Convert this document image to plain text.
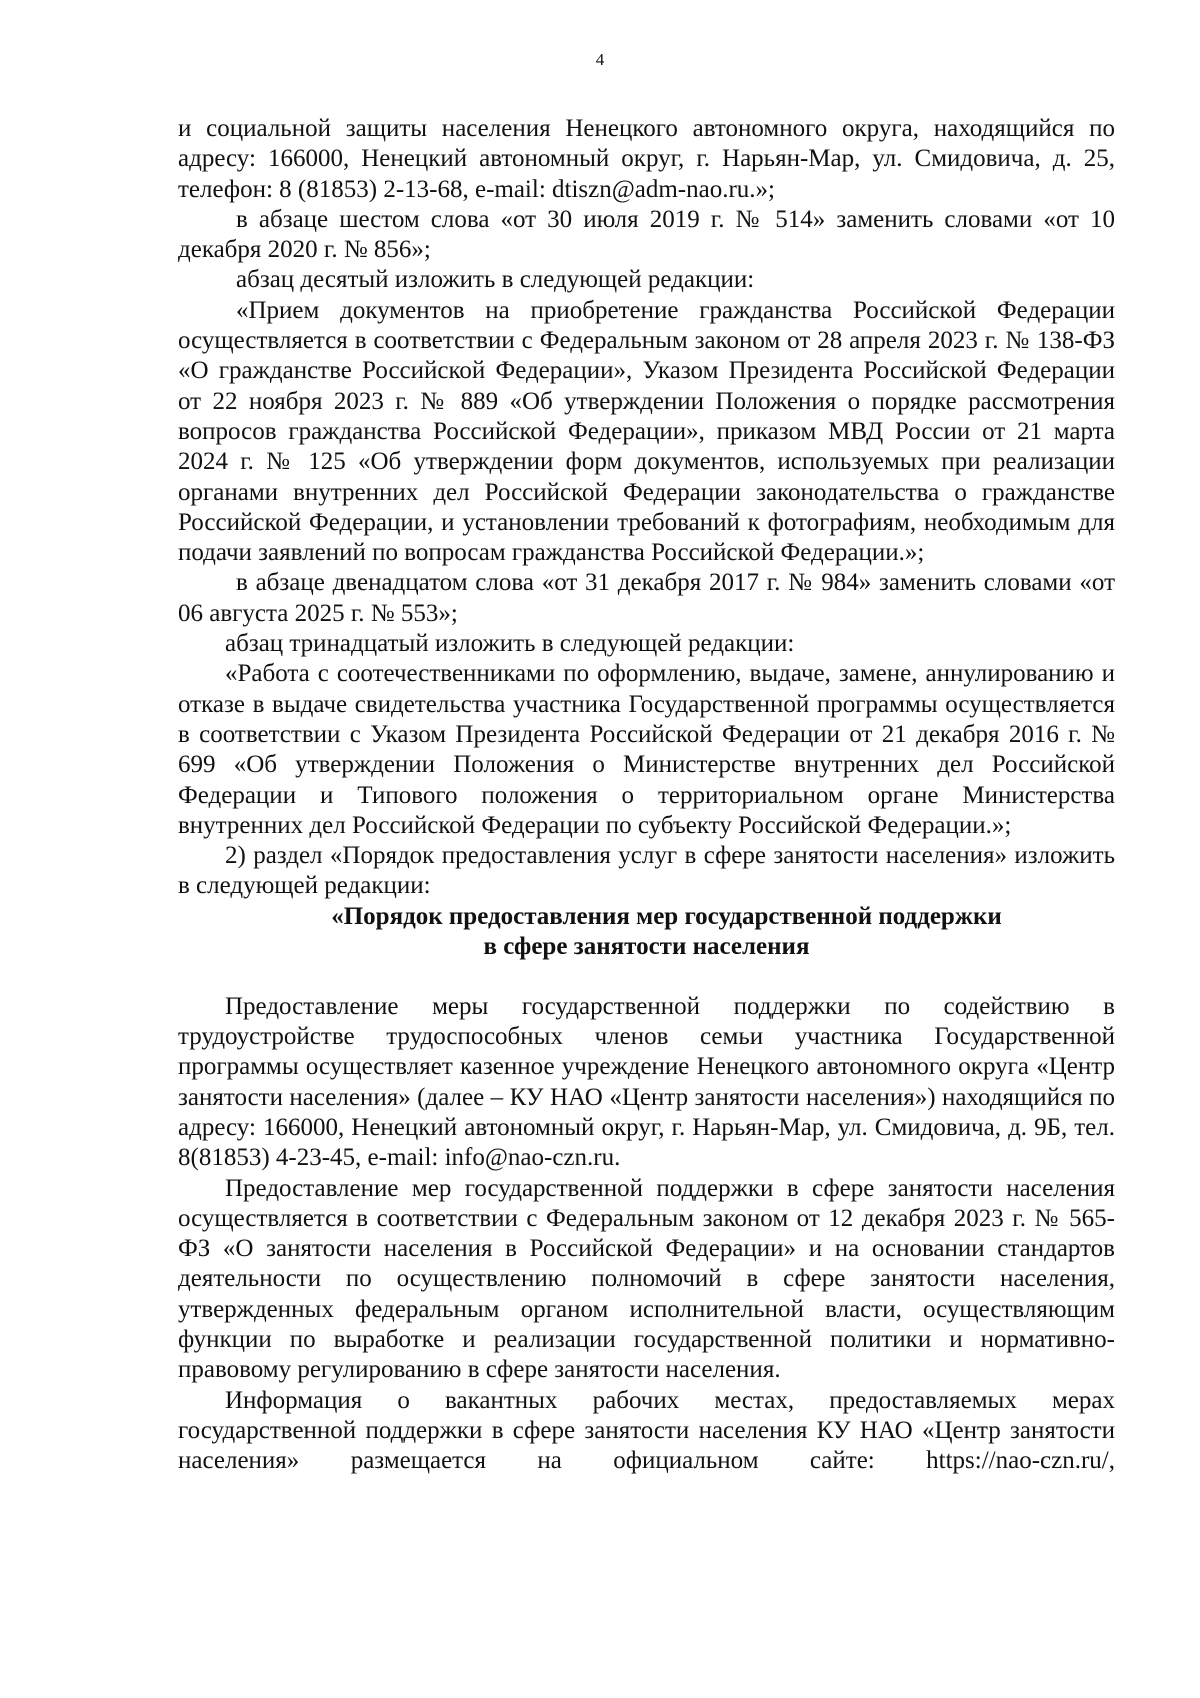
4

и социальной защиты населения Ненецкого автономного округа, находящийся по адресу: 166000, Ненецкий автономный округ, г. Нарьян-Мар, ул. Смидовича, д. 25, телефон: 8 (81853) 2-13-68, e-mail: dtiszn@adm-nao.ru.»;

в абзаце шестом слова «от 30 июля 2019 г. № 514» заменить словами «от 10 декабря 2020 г. № 856»;

абзац десятый изложить в следующей редакции:

«Прием документов на приобретение гражданства Российской Федерации осуществляется в соответствии с Федеральным законом от 28 апреля 2023 г. № 138-ФЗ «О гражданстве Российской Федерации», Указом Президента Российской Федерации от 22 ноября 2023 г. № 889 «Об утверждении Положения о порядке рассмотрения вопросов гражданства Российской Федерации», приказом МВД России от 21 марта 2024 г. № 125 «Об утверждении форм документов, используемых при реализации органами внутренних дел Российской Федерации законодательства о гражданстве Российской Федерации, и установлении требований к фотографиям, необходимым для подачи заявлений по вопросам гражданства Российской Федерации.»;

в абзаце двенадцатом слова «от 31 декабря 2017 г. № 984» заменить словами «от 06 августа 2025 г. № 553»;

абзац тринадцатый изложить в следующей редакции:

«Работа с соотечественниками по оформлению, выдаче, замене, аннулированию и отказе в выдаче свидетельства участника Государственной программы осуществляется в соответствии с Указом Президента Российской Федерации от 21 декабря 2016 г. № 699 «Об утверждении Положения о Министерстве внутренних дел Российской Федерации и Типового положения о территориальном органе Министерства внутренних дел Российской Федерации по субъекту Российской Федерации.»;

2) раздел «Порядок предоставления услуг в сфере занятости населения» изложить в следующей редакции:

«Порядок предоставления мер государственной поддержки

в сфере занятости населения

Предоставление меры государственной поддержки по содействию в трудоустройстве трудоспособных членов семьи участника Государственной программы осуществляет казенное учреждение Ненецкого автономного округа «Центр занятости населения» (далее – КУ НАО «Центр занятости населения») находящийся по адресу: 166000, Ненецкий автономный округ, г. Нарьян-Мар, ул. Смидовича, д. 9Б, тел. 8(81853) 4-23-45, e-mail: info@nao-czn.ru.

Предоставление мер государственной поддержки в сфере занятости населения осуществляется в соответствии с Федеральным законом от 12 декабря 2023 г. № 565-ФЗ «О занятости населения в Российской Федерации» и на основании стандартов деятельности по осуществлению полномочий в сфере занятости населения, утвержденных федеральным органом исполнительной власти, осуществляющим функции по выработке и реализации государственной политики и нормативно-правовому регулированию в сфере занятости населения.

Информация о вакантных рабочих местах, предоставляемых мерах государственной поддержки в сфере занятости населения КУ НАО «Центр занятости населения» размещается на официальном сайте: https://nao-czn.ru/,
